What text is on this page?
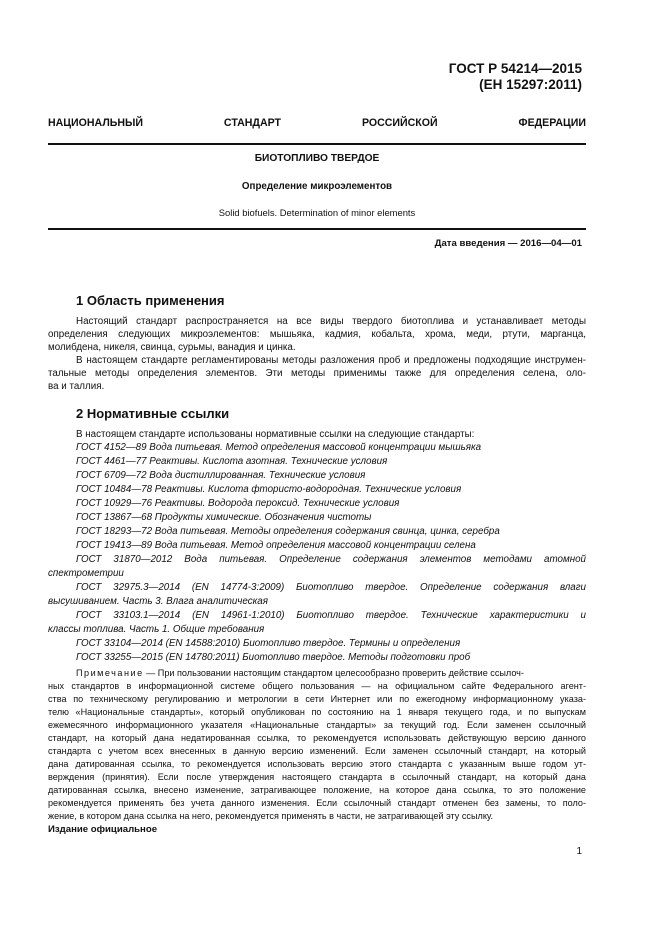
ГОСТ Р 54214—2015
(ЕН 15297:2011)
НАЦИОНАЛЬНЫЙ СТАНДАРТ РОССИЙСКОЙ ФЕДЕРАЦИИ
БИОТОПЛИВО ТВЕРДОЕ
Определение микроэлементов
Solid biofuels. Determination of minor elements
Дата введения — 2016—04—01
1 Область применения
Настоящий стандарт распространяется на все виды твердого биотоплива и устанавливает методы
определения следующих микроэлементов: мышьяка, кадмия, кобальта, хрома, меди, ртути, марганца,
молибдена, никеля, свинца, сурьмы, ванадия и цинка.
В настоящем стандарте регламентированы методы разложения проб и предложены подходящие инструмен-
тальные методы определения элементов. Эти методы применимы также для определения селена, оло-
ва и таллия.
2 Нормативные ссылки
В настоящем стандарте использованы нормативные ссылки на следующие стандарты:
ГОСТ 4152—89 Вода питьевая. Метод определения массовой концентрации мышьяка
ГОСТ 4461—77 Реактивы. Кислота азотная. Технические условия
ГОСТ 6709—72 Вода дистиллированная. Технические условия
ГОСТ 10484—78 Реактивы. Кислота фтористо-водородная. Технические условия
ГОСТ 10929—76 Реактивы. Водорода пероксид. Технические условия
ГОСТ 13867—68 Продукты химические. Обозначения чистоты
ГОСТ 18293—72 Вода питьевая. Методы определения содержания свинца, цинка, серебра
ГОСТ 19413—89 Вода питьевая. Метод определения массовой концентрации селена
ГОСТ 31870—2012 Вода питьевая. Определение содержания элементов методами атомной
спектрометрии
ГОСТ 32975.3—2014 (EN 14774-3:2009) Биотопливо твердое. Определение содержания влаги
высушиванием. Часть 3. Влага аналитическая
ГОСТ 33103.1—2014 (EN 14961-1:2010) Биотопливо твердое. Технические характеристики и
классы топлива. Часть 1. Общие требования
ГОСТ 33104—2014 (EN 14588:2010) Биотопливо твердое. Термины и определения
ГОСТ 33255—2015 (EN 14780:2011) Биотопливо твердое. Методы подготовки проб
Примечание — При пользовании настоящим стандартом целесообразно проверить действие ссылоч-
ных стандартов в информационной системе общего пользования — на официальном сайте Федерального агент-
ства по техническому регулированию и метрологии в сети Интернет или по ежегодному информационному указа-
телю «Национальные стандарты», который опубликован по состоянию на 1 января текущего года, и по выпускам
ежемесячного информационного указателя «Национальные стандарты» за текущий год. Если заменен ссылочный
стандарт, на который дана недатированная ссылка, то рекомендуется использовать действующую версию данного
стандарта с учетом всех внесенных в данную версию изменений. Если заменен ссылочный стандарт, на который
дана датированная ссылка, то рекомендуется использовать версию этого стандарта с указанным выше годом ут-
верждения (принятия). Если после утверждения настоящего стандарта в ссылочный стандарт, на который дана
датированная ссылка, внесено изменение, затрагивающее положение, на которое дана ссылка, то это положение
рекомендуется применять без учета данного изменения. Если ссылочный стандарт отменен без замены, то поло-
жение, в котором дана ссылка на него, рекомендуется применять в части, не затрагивающей эту ссылку.
Издание официальное
1
